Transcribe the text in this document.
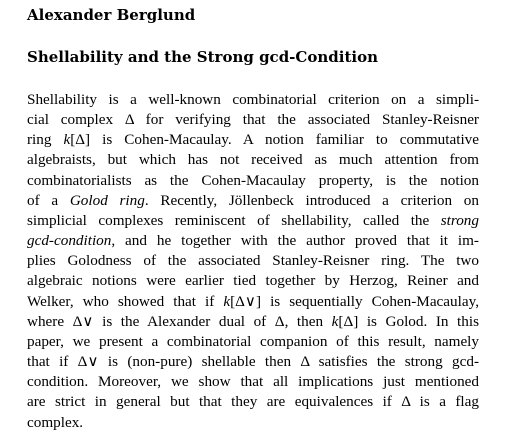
Alexander Berglund
Shellability and the Strong gcd-Condition
Shellability is a well-known combinatorial criterion on a simpli-
cial complex Δ for verifying that the associated Stanley-Reisner
ring k[Δ] is Cohen-Macaulay. A notion familiar to commutative
algebraists, but which has not received as much attention from
combinatorialists as the Cohen-Macaulay property, is the notion
of a Golod ring. Recently, Jöllenbeck introduced a criterion on
simplicial complexes reminiscent of shellability, called the strong
gcd-condition, and he together with the author proved that it im-
plies Golodness of the associated Stanley-Reisner ring. The two
algebraic notions were earlier tied together by Herzog, Reiner and
Welker, who showed that if k[Δ∨] is sequentially Cohen-Macaulay,
where Δ∨ is the Alexander dual of Δ, then k[Δ] is Golod. In this
paper, we present a combinatorial companion of this result, namely
that if Δ∨ is (non-pure) shellable then Δ satisfies the strong gcd-
condition. Moreover, we show that all implications just mentioned
are strict in general but that they are equivalences if Δ is a flag
complex.
